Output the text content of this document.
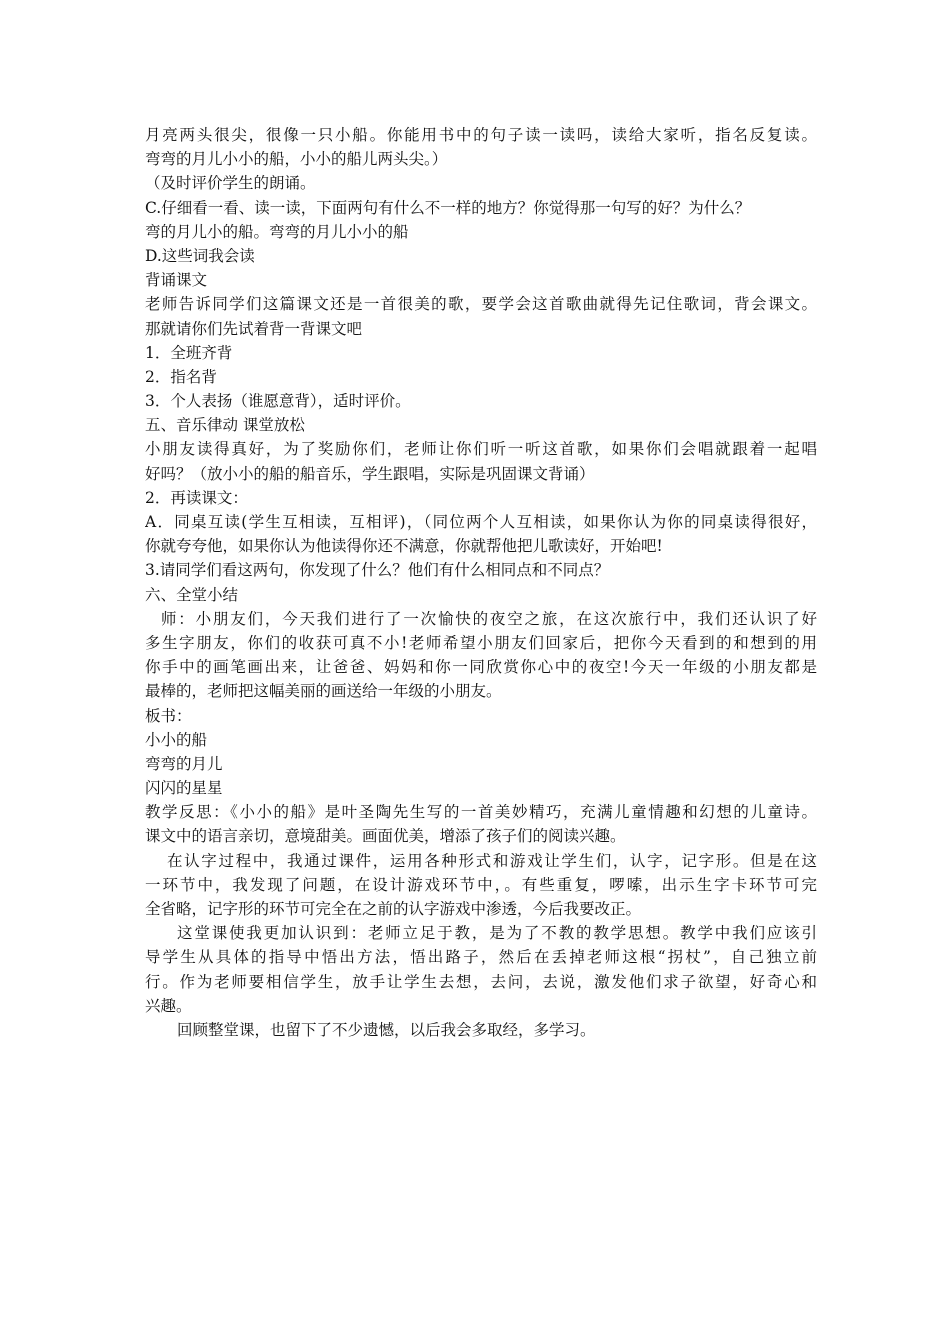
月亮两头很尖，很像一只小船。你能用书中的句子读一读吗，读给大家听，指名反复读。
弯弯的月儿小小的船，小小的船儿两头尖。）
（及时评价学生的朗诵。
C.仔细看一看、读一读，下面两句有什么不一样的地方？你觉得那一句写的好？为什么？
弯的月儿小的船。弯弯的月儿小小的船
D.这些词我会读
背诵课文
老师告诉同学们这篇课文还是一首很美的歌，要学会这首歌曲就得先记住歌词，背会课文。
那就请你们先试着背一背课文吧
1．全班齐背
2．指名背
3．个人表扬（谁愿意背），适时评价。
五、音乐律动 课堂放松
小朋友读得真好，为了奖励你们，老师让你们听一听这首歌，如果你们会唱就跟着一起唱
好吗？（放小小的船的船音乐，学生跟唱，实际是巩固课文背诵）
2．再读课文：
A．同桌互读(学生互相读，互相评)，（同位两个人互相读，如果你认为你的同桌读得很好，
你就夸夸他，如果你认为他读得你还不满意，你就帮他把儿歌读好，开始吧!
3.请同学们看这两句，你发现了什么？他们有什么相同点和不同点？
六、全堂小结
师：小朋友们，今天我们进行了一次愉快的夜空之旅，在这次旅行中，我们还认识了好
多生字朋友，你们的收获可真不小!老师希望小朋友们回家后，把你今天看到的和想到的用
你手中的画笔画出来，让爸爸、妈妈和你一同欣赏你心中的夜空!今天一年级的小朋友都是
最棒的，老师把这幅美丽的画送给一年级的小朋友。
板书：
小小的船
弯弯的月儿
闪闪的星星
教学反思：《小小的船》是叶圣陶先生写的一首美妙精巧，充满儿童情趣和幻想的儿童诗。
课文中的语言亲切，意境甜美。画面优美，增添了孩子们的阅读兴趣。
在认字过程中，我通过课件，运用各种形式和游戏让学生们，认字，记字形。但是在这
一环节中，我发现了问题，在设计游戏环节中，。有些重复，啰嗦，出示生字卡环节可完
全省略，记字形的环节可完全在之前的认字游戏中渗透，今后我要改正。
这堂课使我更加认识到：老师立足于教，是为了不教的教学思想。教学中我们应该引
导学生从具体的指导中悟出方法，悟出路子，然后在丢掉老师这根“拐杖”，自己独立前
行。作为老师要相信学生，放手让学生去想，去问，去说，激发他们求子欲望，好奇心和
兴趣。
回顾整堂课，也留下了不少遗憾，以后我会多取经，多学习。
